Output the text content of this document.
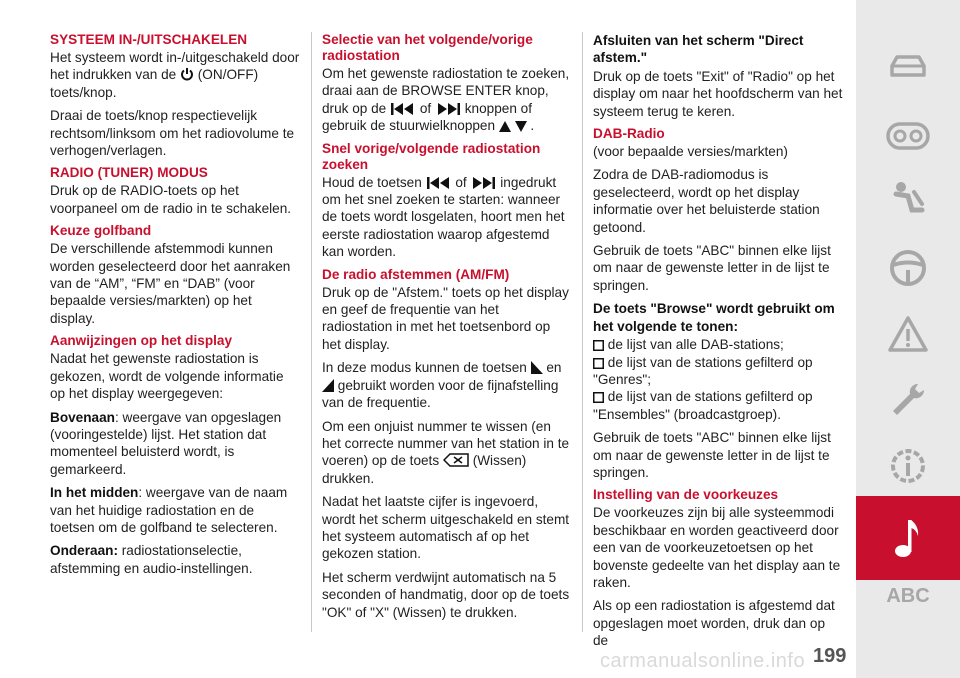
SYSTEEM IN-/UITSCHAKELEN

Het systeem wordt in-/uitgeschakeld door het indrukken van de (ON/OFF) toets/knop.

Draai de toets/knop respectievelijk rechtsom/linksom om het radiovolume te verhogen/verlagen.

RADIO (TUNER) MODUS

Druk op de RADIO-toets op het voorpaneel om de radio in te schakelen.

Keuze golfband

De verschillende afstemmodi kunnen worden geselecteerd door het aanraken van de “AM”, “FM” en “DAB” (voor bepaalde versies/markten) op het display.

Aanwijzingen op het display

Nadat het gewenste radiostation is gekozen, wordt de volgende informatie op het display weergegeven:

Bovenaan: weergave van opgeslagen (vooringestelde) lijst. Het station dat momenteel beluisterd wordt, is gemarkeerd.

In het midden: weergave van de naam van het huidige radiostation en de toetsen om de golfband te selecteren.

Onderaan: radiostationselectie, afstemming en audio-instellingen.

Selectie van het volgende/vorige radiostation

Om het gewenste radiostation te zoeken, draai aan de BROWSE ENTER knop, druk op de of knoppen of gebruik de stuurwielknoppen	.

Snel vorige/volgende radiostation zoeken

Houd de toetsen of ingedrukt om het snel zoeken te starten: wanneer de toets wordt losgelaten, hoort men het eerste radiostation waarop afgestemd kan worden.

De radio afstemmen (AM/FM)

Druk op de "Afstem." toets op het display en geef de frequentie van het radiostation in met het toetsenbord op het display.

In deze modus kunnen de toetsen en  gebruikt worden voor de fijnafstelling van de frequentie.

Om een onjuist nummer te wissen (en het correcte nummer van het station in te voeren) op de toets (Wissen) drukken.

Nadat het laatste cijfer is ingevoerd, wordt het scherm uitgeschakeld en stemt het systeem automatisch af op het gekozen station.

Het scherm verdwijnt automatisch na 5 seconden of handmatig, door op de toets "OK" of "X" (Wissen) te drukken.

Afsluiten van het scherm "Direct afstem."

Druk op de toets "Exit" of "Radio" op het display om naar het hoofdscherm van het systeem terug te keren.

DAB-Radio

(voor bepaalde versies/markten)

Zodra de DAB-radiomodus is geselecteerd, wordt op het display informatie over het beluisterde station getoond.

Gebruik de toets "ABC" binnen elke lijst om naar de gewenste letter in de lijst te springen.

De toets "Browse" wordt gebruikt om het volgende te tonen:

de lijst van alle DAB-stations;
de lijst van de stations gefilterd op "Genres";
de lijst van de stations gefilterd op "Ensembles" (broadcastgroep).

Gebruik de toets "ABC" binnen elke lijst om naar de gewenste letter in de lijst te springen.

Instelling van de voorkeuzes

De voorkeuzes zijn bij alle systeemmodi beschikbaar en worden geactiveerd door een van de voorkeuzetoetsen op het bovenste gedeelte van het display aan te raken.

Als op een radiostation is afgestemd dat opgeslagen moet worden, druk dan op de

ABC
carmanualsonline.info 199
